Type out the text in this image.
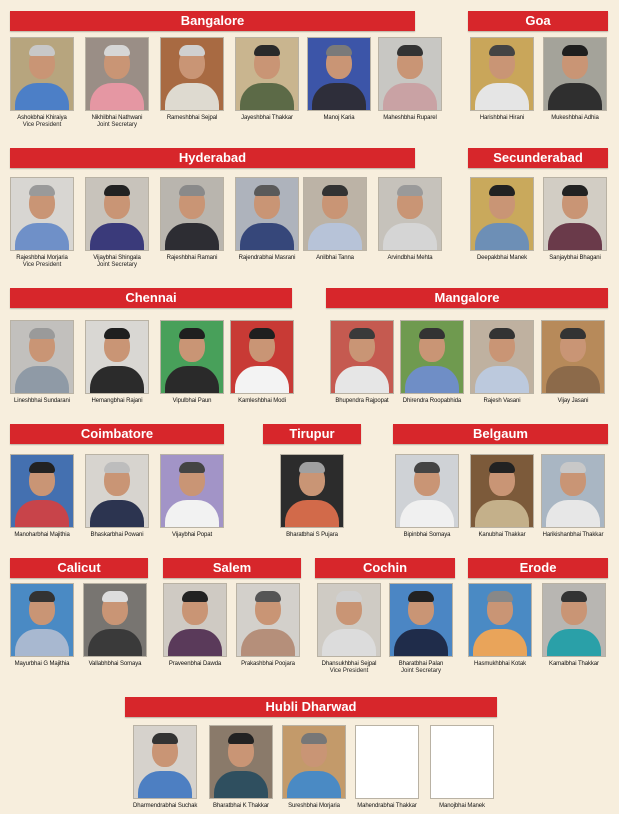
Bangalore
Ashokbhai Khiraiya
Vice President
Nikhilbhai Nathwani
Joint Secretary
Rameshbhai Sejpal	Jayeshbhai Thakkar	Manoj Karia	Maheshbhai Ruparel
Goa
Harishbhai Hirani	Mukeshbhai Adhia
Hyderabad
Rajeshbhai Morjaria
Vice President
Vijaybhai Shingala
Joint Secretary
Rajeshbhai Ramani	Rajendrabhai Masrani	Anilbhai Tanna	Arvindbhai Mehta
Secunderabad
Deepakbhai Manek	Sanjaybhai Bhagani
Chennai
Lineshbhai Sundarani	Hemangbhai Rajani	Vipulbhai Paun	Kamleshbhai Modi
Mangalore
Bhupendra Rajpopat	Dhirendra Roopabhida	Rajesh Vasani	Vijay Jasani
Coimbatore
Manoharbhai Majithia	Bhaskarbhai Powani	Vijaybhai Popat
Tirupur
Bharatbhai S Pujara
Belgaum
Bipinbhai Somaya	Kanubhai Thakkar	Harikishanbhai Thakkar
Calicut
Mayurbhai G Majithia	Vallabhbhai Somaya
Salem
Praveenbhai Dawda	Prakashbhai Poojara
Cochin
Dhansukhbhai Sejpal
Vice President
Bharatbhai Palan
Joint Secretary
Erode
Hasmukhbhai Kotak	Kamalbhai Thakkar
Hubli Dharwad
Dharmendrabhai Suchak	Bharatbhai K Thakkar	Sureshbhai Morjaria	Mahendrabhai Thakkar	Manojbhai Manek
